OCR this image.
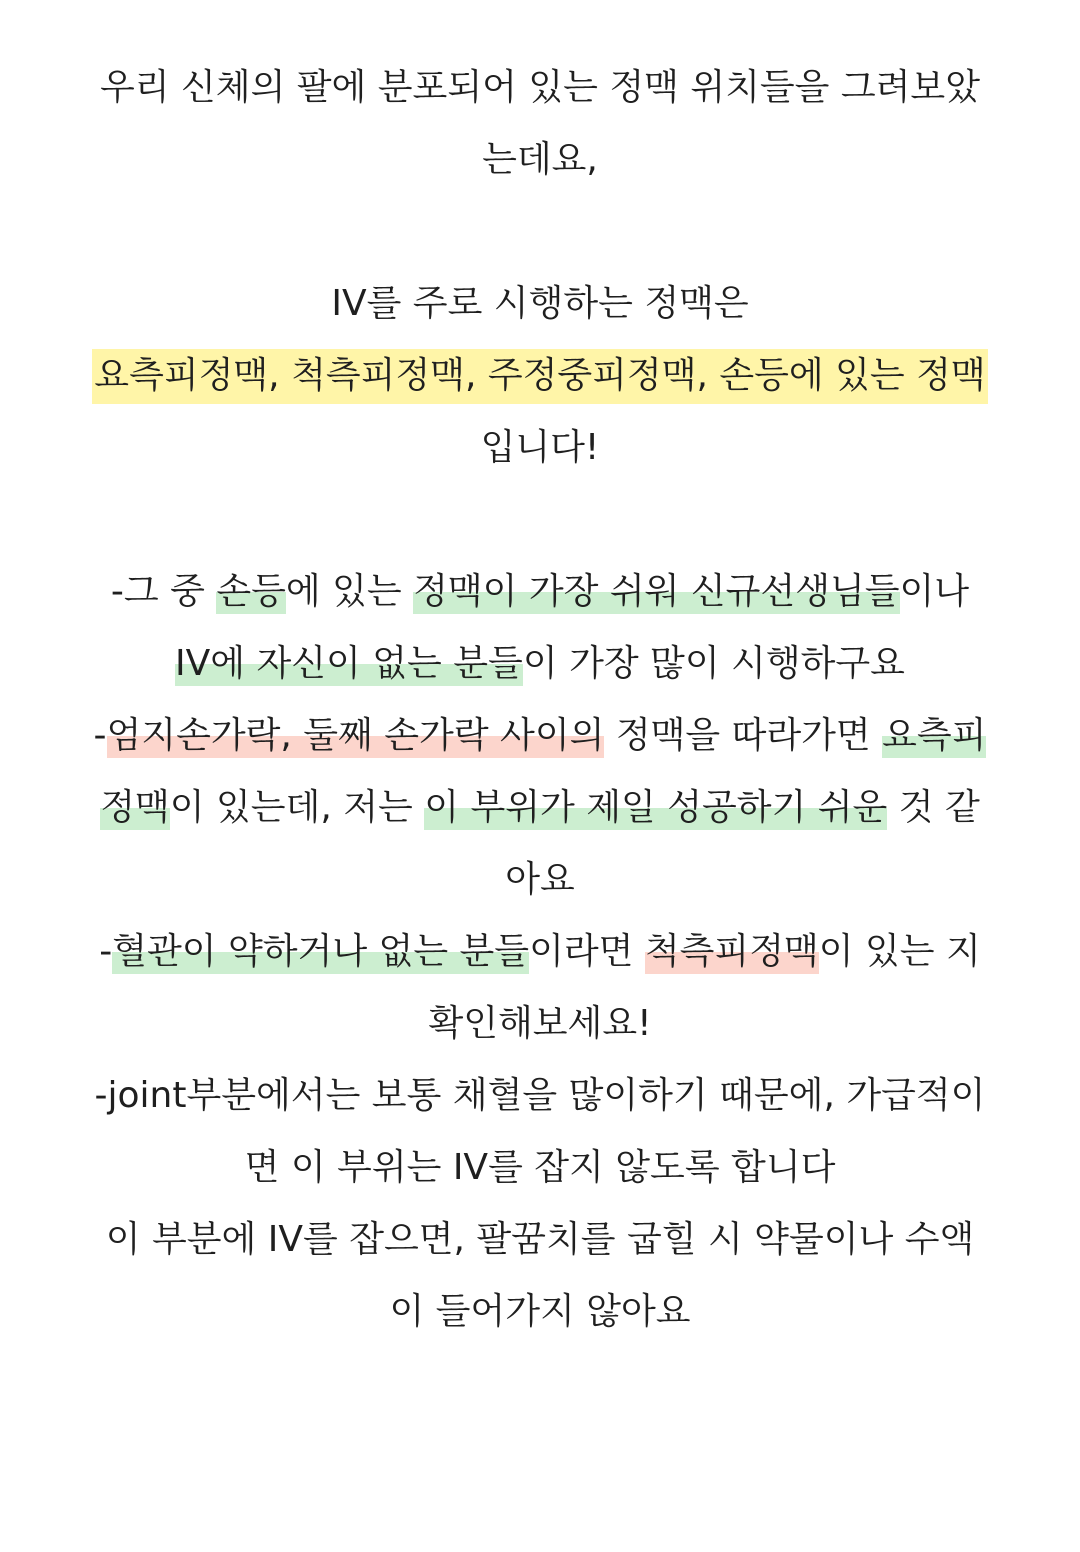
우리 신체의 팔에 분포되어 있는 정맥 위치들을 그려보았
는데요,
IV를 주로 시행하는 정맥은
요측피정맥, 척측피정맥, 주정중피정맥, 손등에 있는 정맥
입니다!
-그 중 손등에 있는 정맥이 가장 쉬워 신규선생님들이나
IV에 자신이 없는 분들이 가장 많이 시행하구요
-엄지손가락, 둘째 손가락 사이의 정맥을 따라가면 요측피
정맥이 있는데, 저는 이 부위가 제일 성공하기 쉬운 것 같
아요
-혈관이 약하거나 없는 분들이라면 척측피정맥이 있는 지
확인해보세요!
-joint부분에서는 보통 채혈을 많이하기 때문에, 가급적이
면 이 부위는 IV를 잡지 않도록 합니다
이 부분에 IV를 잡으면, 팔꿈치를 굽힐 시 약물이나 수액
이 들어가지 않아요
